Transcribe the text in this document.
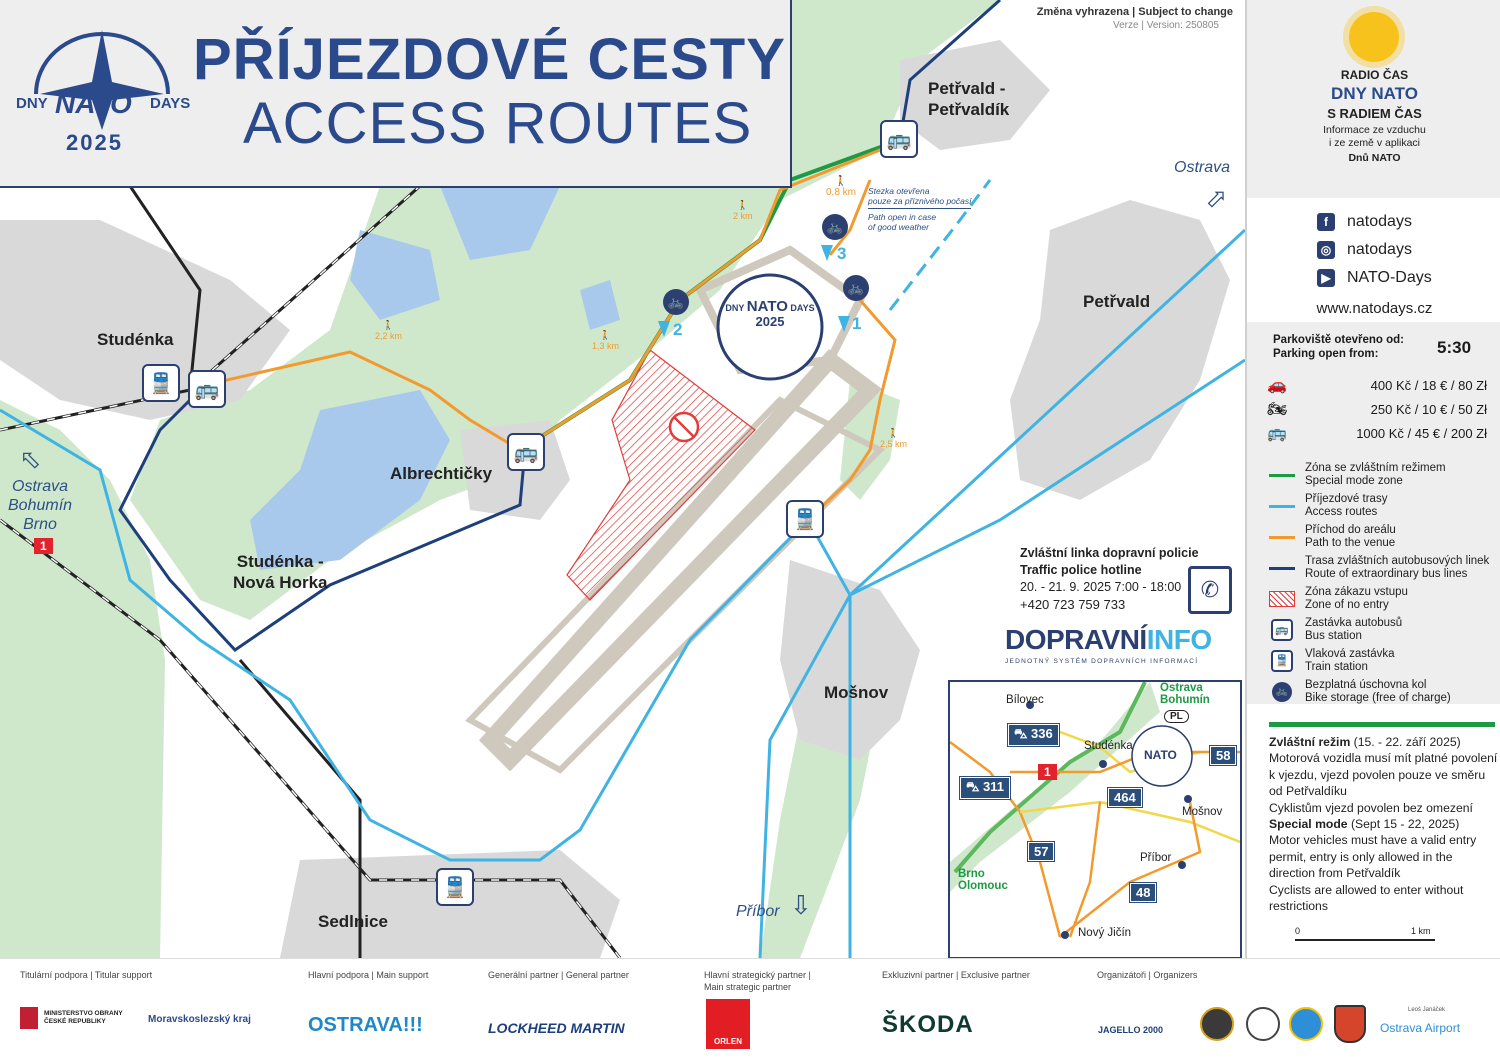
🚆	🚌
🚌
🚌
🚆
🚆
🚲
🚲
🚲
1
2
3
DNY NATO DAYS
2025
Petřvald -
Petřvaldík
Petřvald
Studénka
Albrechtičky
Studénka -
Nová Horka
Mošnov
Sedlnice
Ostrava
⇧
Ostrava
Bohumín
Brno
⇧
1
Příbor ⇩
🚶
0,8 km
🚶
2 km
🚶
2,2 km	🚶
1,3 km
🚶
2,5 km
Stezka otevřena
pouze za příznivého počasí
Path open in case
of good weather
Zvláštní linka dopravní policie
Traffic police hotline
20. - 21. 9. 2025 7:00 - 18:00
+420 723 759 733
✆
DOPRAVNÍINFO
JEDNOTNÝ SYSTÉM DOPRAVNÍCH INFORMACÍ
Bílovec
Studénka
Mošnov
Příbor
Nový Jičín
Ostrava
Bohumín
PL
Brno
Olomouc
⛍ 336
⛍ 311
1
464
57
48
58
NATO
DNY NATO DAYS
2025
PŘÍJEZDOVÉ CESTY
ACCESS ROUTES
Změna vyhrazena | Subject to change
Verze | Version: 250805
RADIO ČAS
DNY NATO
S RADIEM ČAS
Informace ze vzduchu
i ze země v aplikaci
Dnů NATO
f	natodays
◎ natodays
▶ NATO-Days
www.natodays.cz
Parkoviště otevřeno od:
Parking open from:	5:30
🚗	400 Kč / 18 € / 80 Zł
🏍	250 Kč / 10 € / 50 Zł
🚌	1000 Kč / 45 € / 200 Zł
Zóna se zvláštním režimem
Special mode zone
Příjezdové trasy
Access routes
Příchod do areálu
Path to the venue
Trasa zvláštních autobusových linek
Route of extraordinary bus lines
Zóna zákazu vstupu
Zone of no entry
🚌
Zastávka autobusů
Bus station
🚆
Vlaková zastávka
Train station
🚲
Bezplatná úschovna kol
Bike storage (free of charge)
Zvláštní režim (15. - 22. září 2025)
Motorová vozidla musí mít platné povolení k vjezdu, vjezd povolen pouze ve směru od Petřvaldíku
Cyklistům vjezd povolen bez omezení
Special mode (Sept 15 - 22, 2025)
Motor vehicles must have a valid entry permit, entry is only allowed in the direction from Petřvaldík
Cyclists are allowed to enter without restrictions
0	1 km
Titulární podpora | Titular support
MINISTERSTVO OBRANY ČESKÉ REPUBLIKY	Moravskoslezský kraj
Hlavní podpora | Main support
OSTRAVA!!!
Generální partner | General partner
LOCKHEED MARTIN
Hlavní strategický partner |
Main strategic partner
ORLEN
Exkluzivní partner | Exclusive partner
ŠKODA
Organizátoři | Organizers
JAGELLO 2000
Leoš Janáček
Ostrava Airport
